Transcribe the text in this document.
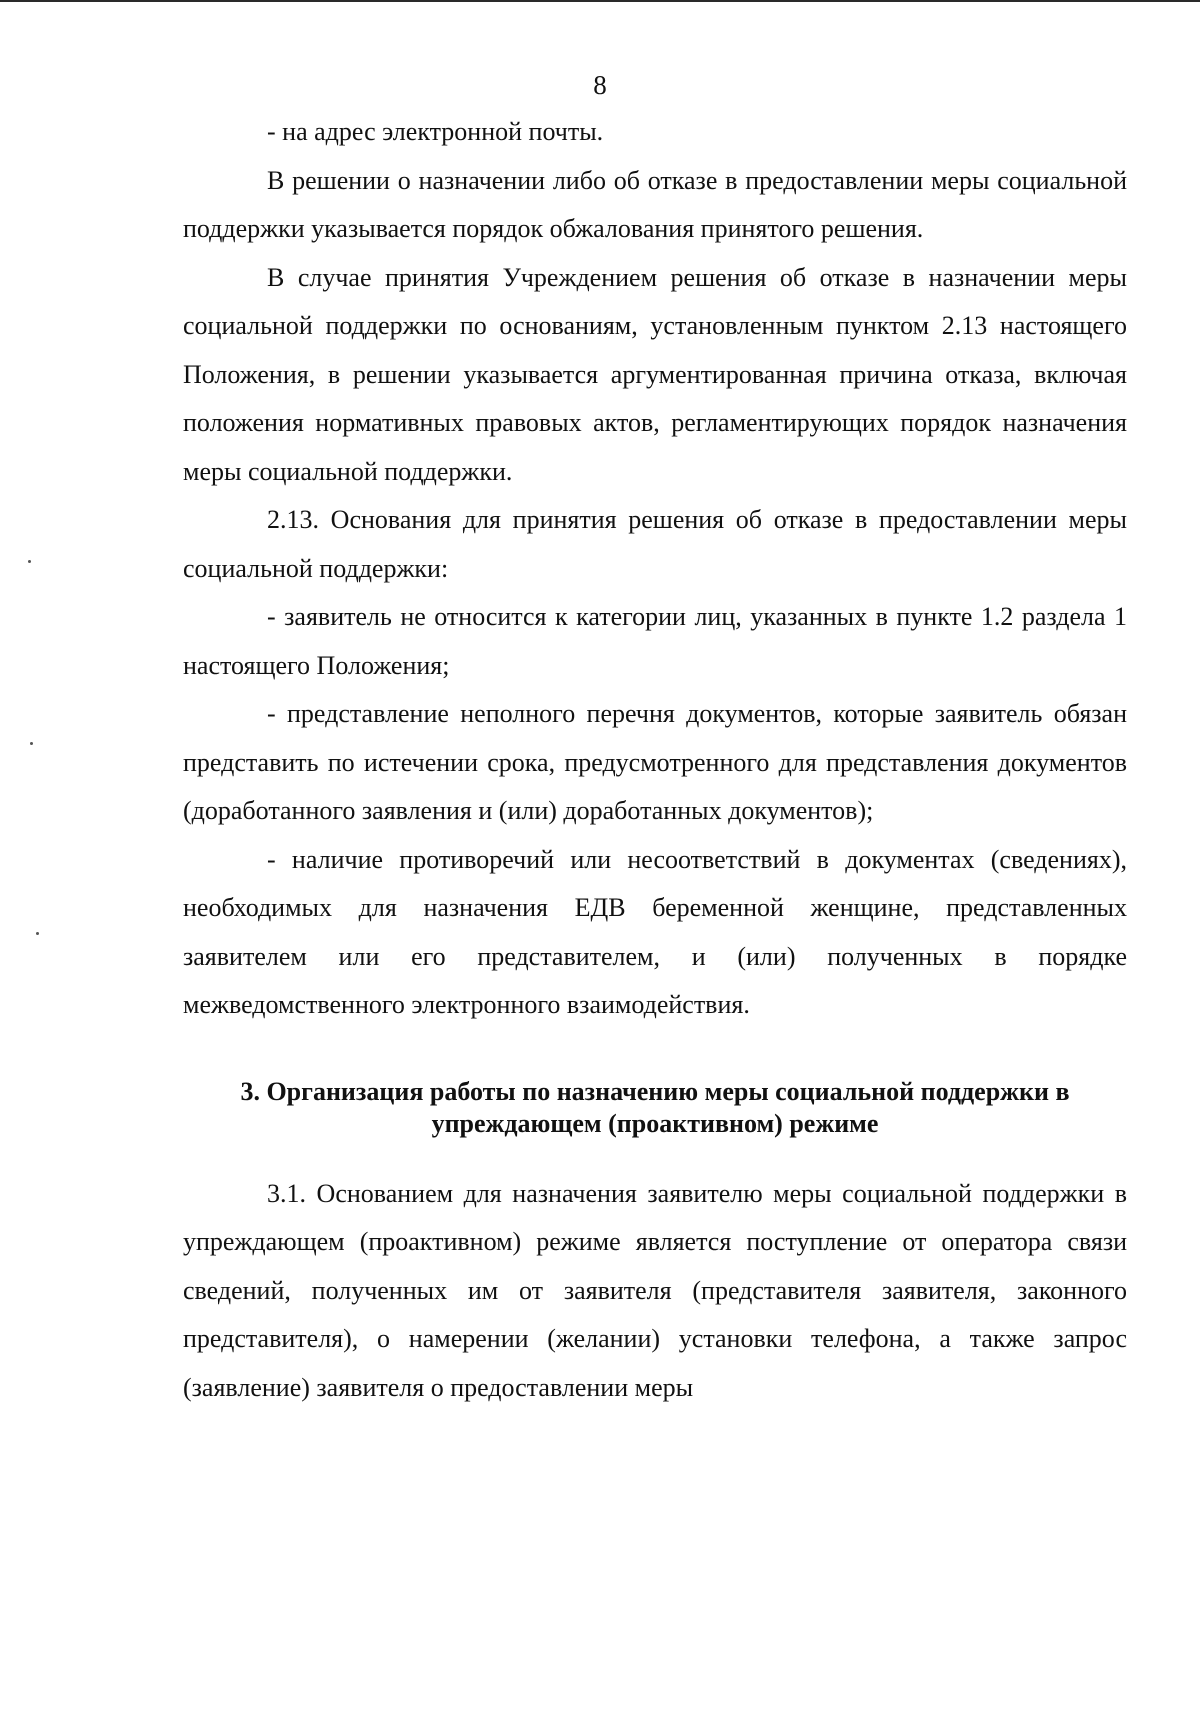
8

- на адрес электронной почты.

В решении о назначении либо об отказе в предоставлении меры социальной поддержки указывается порядок обжалования принятого решения.

В случае принятия Учреждением решения об отказе в назначении меры социальной поддержки по основаниям, установленным пунктом 2.13 настоящего Положения, в решении указывается аргументированная причина отказа, включая положения нормативных правовых актов, регламентирующих порядок назначения меры социальной поддержки.

2.13. Основания для принятия решения об отказе в предоставлении меры социальной поддержки:

- заявитель не относится к категории лиц, указанных в пункте 1.2 раздела 1 настоящего Положения;

- представление неполного перечня документов, которые заявитель обязан представить по истечении срока, предусмотренного для представления документов (доработанного заявления и (или) доработанных документов);

- наличие противоречий или несоответствий в документах (сведениях), необходимых для назначения ЕДВ беременной женщине, представленных заявителем или его представителем, и (или) полученных в порядке межведомственного электронного взаимодействия.

3. Организация работы по назначению меры социальной поддержки в
упреждающем (проактивном) режиме

3.1. Основанием для назначения заявителю меры социальной поддержки в упреждающем (проактивном) режиме является поступление от оператора связи сведений, полученных им от заявителя (представителя заявителя, законного представителя), о намерении (желании) установки телефона, а также запрос (заявление) заявителя о предоставлении меры
